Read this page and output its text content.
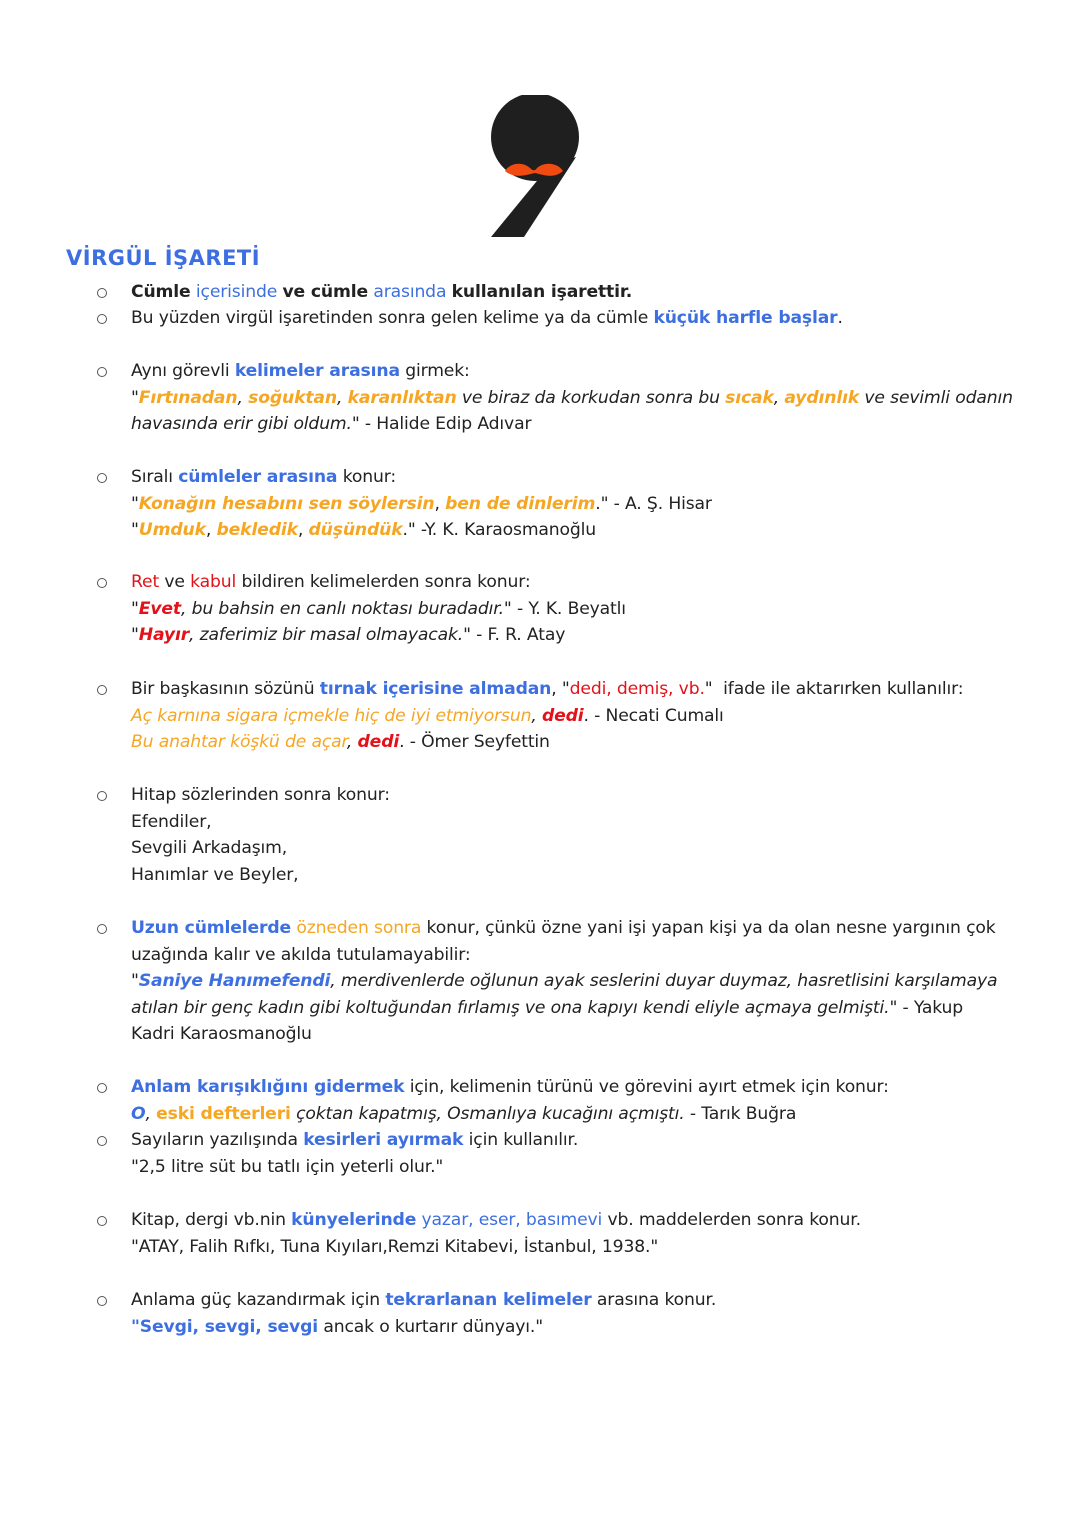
VİRGÜL İŞARETİ
Cümle içerisinde ve cümle arasında kullanılan işarettir.
Bu yüzden virgül işaretinden sonra gelen kelime ya da cümle küçük harfle başlar.
Aynı görevli kelimeler arasına girmek:
"Fırtınadan, soğuktan, karanlıktan ve biraz da korkudan sonra bu sıcak, aydınlık ve sevimli odanın
havasında erir gibi oldum." - Halide Edip Adıvar
Sıralı cümleler arasına konur:
"Konağın hesabını sen söylersin, ben de dinlerim." - A. Ş. Hisar
"Umduk, bekledik, düşündük." -Y. K. Karaosmanoğlu
Ret ve kabul bildiren kelimelerden sonra konur:
"Evet, bu bahsin en canlı noktası buradadır." - Y. K. Beyatlı
"Hayır, zaferimiz bir masal olmayacak." - F. R. Atay
Bir başkasının sözünü tırnak içerisine almadan, "dedi, demiş, vb."  ifade ile aktarırken kullanılır:
Aç karnına sigara içmekle hiç de iyi etmiyorsun, dedi. - Necati Cumalı
Bu anahtar köşkü de açar, dedi. - Ömer Seyfettin
Hitap sözlerinden sonra konur:
Efendiler,
Sevgili Arkadaşım,
Hanımlar ve Beyler,
Uzun cümlelerde özneden sonra konur, çünkü özne yani işi yapan kişi ya da olan nesne yargının çok
uzağında kalır ve akılda tutulamayabilir:
"Saniye Hanımefendi, merdivenlerde oğlunun ayak seslerini duyar duymaz, hasretlisini karşılamaya
atılan bir genç kadın gibi koltuğundan fırlamış ve ona kapıyı kendi eliyle açmaya gelmişti." - Yakup
Kadri Karaosmanoğlu
Anlam karışıklığını gidermek için, kelimenin türünü ve görevini ayırt etmek için konur:
O, eski defterleri çoktan kapatmış, Osmanlıya kucağını açmıştı. - Tarık Buğra
Sayıların yazılışında kesirleri ayırmak için kullanılır.
"2,5 litre süt bu tatlı için yeterli olur."
Kitap, dergi vb.nin künyelerinde yazar, eser, basımevi vb. maddelerden sonra konur.
"ATAY, Falih Rıfkı, Tuna Kıyıları,Remzi Kitabevi, İstanbul, 1938."
Anlama güç kazandırmak için tekrarlanan kelimeler arasına konur.
"Sevgi, sevgi, sevgi ancak o kurtarır dünyayı."
